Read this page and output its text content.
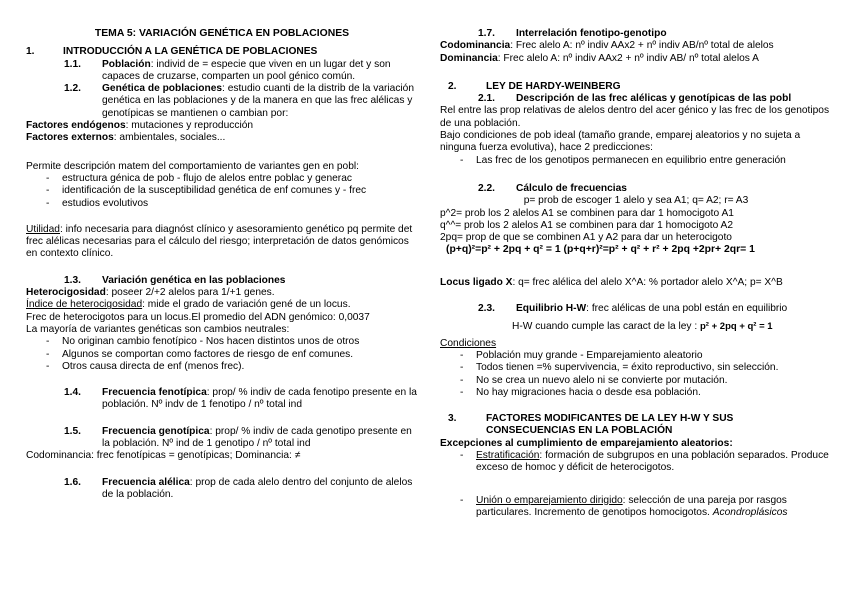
TEMA 5: VARIACIÓN GENÉTICA EN POBLACIONES

1.	INTRODUCCIÓN A LA GENÉTICA DE POBLACIONES
1.1.	Población: individ de = especie que viven en un lugar det y son capaces de cruzarse, comparten un pool génico común.
1.2.	Genética de poblaciones: estudio cuanti de la distrib de la variación genética en las poblaciones y de la manera en que las frec alélicas y genotípicas se mantienen o cambian por:

Factores endógenos: mutaciones y reproducción

Factores externos: ambientales, sociales...

Permite descripción matem del comportamiento de variantes gen en pobl:

- estructura génica de pob - flujo de alelos entre poblac y generac
- identificación de la susceptibilidad genética de enf comunes y - frec
- estudios evolutivos

Utilidad: info necesaria para diagnóst clínico y asesoramiento genético pq permite det frec alélicas necesarias para el cálculo del riesgo; interpretación de datos genómicos en contexto clínico.

1.3.	Variación genética en las poblaciones

Heterocigosidad: poseer 2/+2 alelos para 1/+1 genes.

Índice de heterocigosidad: mide el grado de variación gené de un locus.

Frec de heterocigotos para un locus.El promedio del ADN genómico: 0,0037

La mayoría de variantes genéticas son cambios neutrales:

- No originan cambio fenotípico - Nos hacen distintos unos de otros
- Algunos se comportan como factores de riesgo de enf comunes.
- Otros causa directa de enf (menos frec).
1.4.	Frecuencia fenotípica: prop/ % indiv de cada fenotipo presente en la población. Nº indv de 1 fenotipo / nº total ind
1.5.	Frecuencia genotípica: prop/ % indiv de cada genotipo presente en la población. Nº ind de 1 genotipo / nº total ind

Codominancia: frec fenotípicas = genotípicas; Dominancia: ≠

1.6.	Frecuencia alélica: prop de cada alelo dentro del conjunto de alelos de la población.
1.7.	Interrelación fenotipo-genotipo

Codominancia: Frec alelo A: nº indiv AAx2 + nº indiv AB/nº total de alelos

Dominancia: Frec alelo A: nº indiv AAx2 + nº indiv AB/ nº total alelos A

2.	LEY DE HARDY-WEINBERG
2.1.	Descripción de las frec alélicas y genotípicas de las pobl

Rel entre las prop relativas de alelos dentro del acer génico y las frec de los genotipos de una población.

Bajo condiciones de pob ideal (tamaño grande, emparej aleatorios y no sujeta a ninguna fuerza evolutiva), hace 2 predicciones:

- Las frec de los genotipos permanecen en equilibrio entre generación
2.2.	Cálculo de frecuencias

p= prob de escoger 1 alelo y sea A1; q= A2; r= A3

p^2= prob los 2 alelos A1 se combinen para dar 1 homocigoto A1

q^^= prob los 2 alelos A1 se combinen para dar 1 homocigoto A2

2pq= prop de que se combinen A1 y A2 para dar un heterocigoto

(p+q)²=p² + 2pq + q² = 1 (p+q+r)²=p² + q² + r² + 2pq +2pr+ 2qr= 1

Locus ligado X: q= frec alélica del alelo X^A: % portador alelo X^A; p= X^B

2.3.	Equilibrio H-W: frec alélicas de una pobl están en equilibrio

H-W cuando cumple las caract de la ley : p² + 2pq + q² = 1

Condiciones

- Población muy grande - Emparejamiento aleatorio
- Todos tienen =% supervivencia, = éxito reproductivo, sin selección.
- No se crea un nuevo alelo ni se convierte por mutación.
- No hay migraciones hacia o desde esa población.
3.	FACTORES MODIFICANTES DE LA LEY H-W Y SUS CONSECUENCIAS EN LA POBLACIÓN

Excepciones al cumplimiento de emparejamiento aleatorios:

- Estratificación: formación de subgrupos en una población separados. Produce exceso de homoc y déficit de heterocigotos.
- Unión o emparejamiento dirigido: selección de una pareja por rasgos particulares. Incremento de genotipos homocigotos. Acondroplásicos
